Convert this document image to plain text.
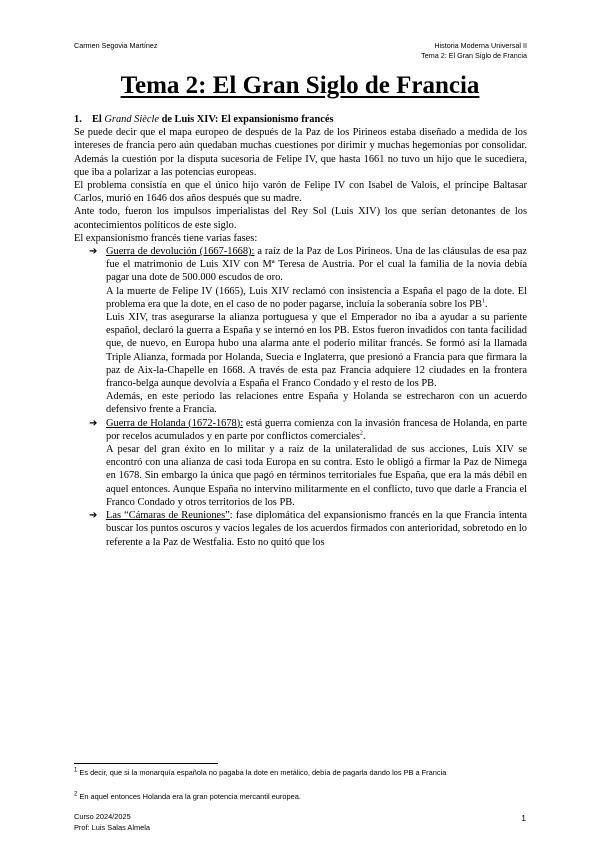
Carmen Segovia Martínez	Historia Moderna Universal II
Tema 2: El Gran Siglo de Francia
Tema 2: El Gran Siglo de Francia
1. El Grand Siècle de Luis XIV: El expansionismo francés

Se puede decir que el mapa europeo de después de la Paz de los Pirineos estaba diseñado a medida de los intereses de francia pero aún quedaban muchas cuestiones por dirimir y muchas hegemonías por consolidar. Además la cuestión por la disputa sucesoria de Felipe IV, que hasta 1661 no tuvo un hijo que le sucediera, que iba a polarizar a las potencias europeas.

El problema consistía en que el único hijo varón de Felipe IV con Isabel de Valois, el príncipe Baltasar Carlos, murió en 1646 dos años después que su madre.

Ante todo, fueron los impulsos imperialistas del Rey Sol (Luis XIV) los que serían detonantes de los acontecimientos políticos de este siglo.

El expansionismo francés tiene varias fases:

➔ Guerra de devolución (1667-1668): a raíz de la Paz de Los Pirineos. Una de las cláusulas de esa paz fue el matrimonio de Luis XIV con Mª Teresa de Austria. Por el cual la familia de la novia debía pagar una dote de 500.000 escudos de oro.

A la muerte de Felipe IV (1665), Luis XIV reclamó con insistencia a España el pago de la dote. El problema era que la dote, en el caso de no poder pagarse, incluía la soberanía sobre los $PB^1$.

Luis XIV, tras asegurarse la alianza portuguesa y que el Emperador no iba a ayudar a su pariente español, declaró la guerra a España y se internó en los PB. Estos fueron invadidos con tanta facilidad que, de nuevo, en Europa hubo una alarma ante el poderío militar francés. Se formó así la llamada Triple Alianza, formada por Holanda, Suecia e Inglaterra, que presionó a Francia para que firmara la paz de Aix-la-Chapelle en 1668. A través de esta paz Francia adquiere 12 ciudades en la frontera franco-belga aunque devolvía a España el Franco Condado y el resto de los PB.

Además, en este periodo las relaciones entre España y Holanda se estrecharon con un acuerdo defensivo frente a Francia.

➔ Guerra de Holanda (1672-1678): está guerra comienza con la invasión francesa de Holanda, en parte por recelos acumulados y en parte por conflictos comerciales$^2$.

A pesar del gran éxito en lo militar y a raíz de la unilateralidad de sus acciones, Luis XIV se encontró con una alianza de casi toda Europa en su contra. Esto le obligó a firmar la Paz de Nimega en 1678. Sin embargo la única que pagó en términos territoriales fue España, que era la más débil en aquel entonces. Aunque España no intervino militarmente en el conflicto, tuvo que darle a Francia el Franco Condado y otros territorios de los PB.

➔ Las “Cámaras de Reuniones”: fase diplomática del expansionismo francés en la que Francia intenta buscar los puntos oscuros y vacíos legales de los acuerdos firmados con anterioridad, sobretodo en lo referente a la Paz de Westfalia. Esto no quitó que los

$^1$ Es decir, que si la monarquía española no pagaba la dote en metálico, debía de pagarla dando los PB a Francia
$^2$ En aquel entonces Holanda era la gran potencia mercantil europea.
Curso 2024/2025
Prof: Luis Salas Almela
1
